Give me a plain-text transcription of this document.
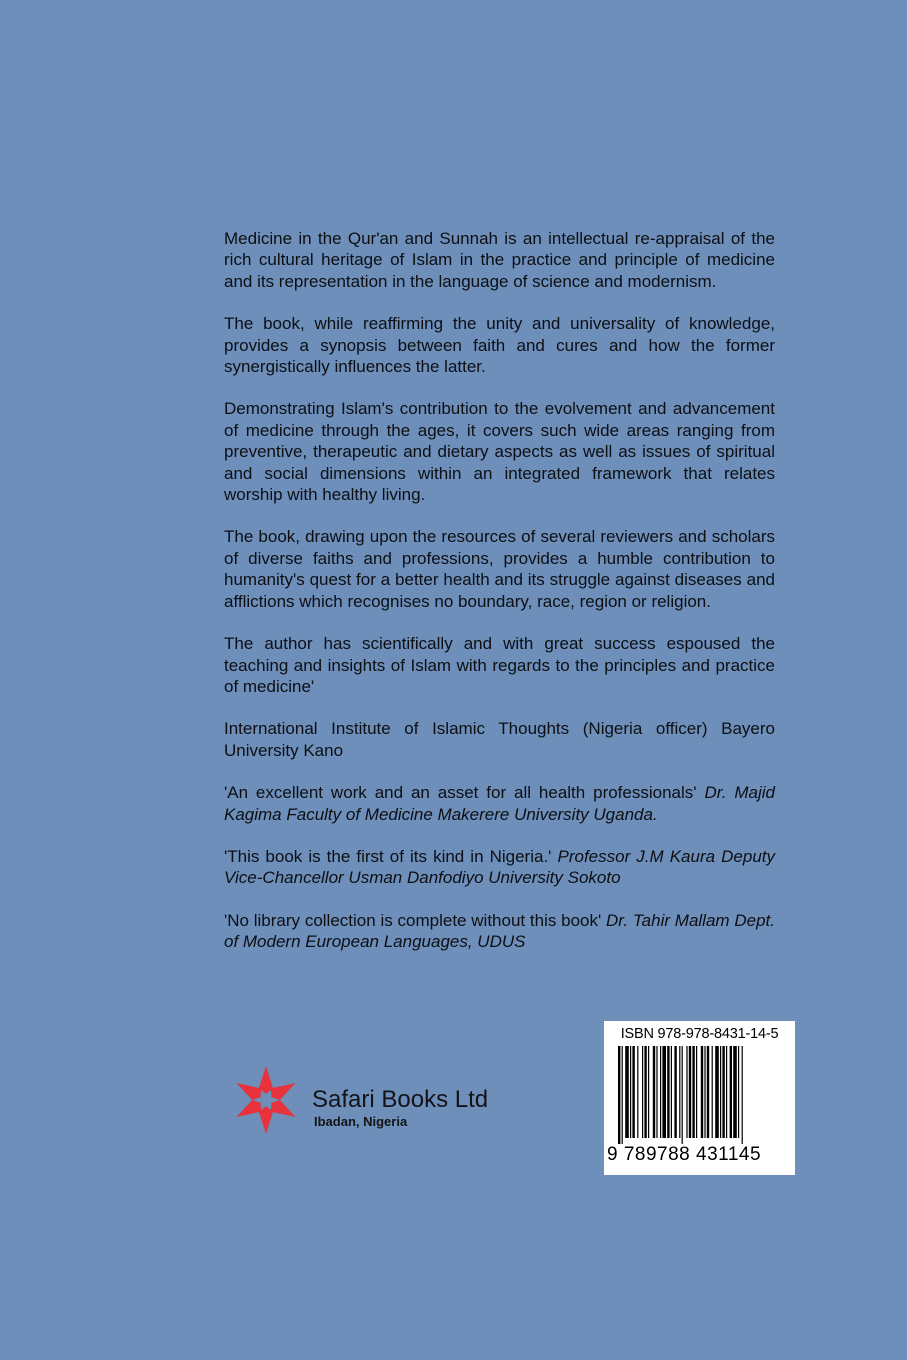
Medicine in the Qur'an and Sunnah is an intellectual re-appraisal of the rich cultural heritage of Islam in the practice and principle of medicine and its representation in the language of science and modernism.

The book, while reaffirming the unity and universality of knowledge, provides a synopsis between faith and cures and how the former synergistically influences the latter.

Demonstrating Islam's contribution to the evolvement and advancement of medicine through the ages, it covers such wide areas ranging from preventive, therapeutic and dietary aspects as well as issues of spiritual and social dimensions within an integrated framework that relates worship with healthy living.

The book, drawing upon the resources of several reviewers and scholars of diverse faiths and professions, provides a humble contribution to humanity's quest for a better health and its struggle against diseases and afflictions which recognises no boundary, race, region or religion.

The author has scientifically and with great success espoused the teaching and insights of Islam with regards to the principles and practice of medicine'

International Institute of Islamic Thoughts (Nigeria officer) Bayero University Kano

'An excellent work and an asset for all health professionals' Dr. Majid Kagima Faculty of Medicine Makerere University Uganda.

'This book is the first of its kind in Nigeria.' Professor J.M Kaura Deputy Vice-Chancellor Usman Danfodiyo University Sokoto

'No library collection is complete without this book' Dr. Tahir Mallam Dept. of Modern European Languages, UDUS

Safari Books Ltd
Ibadan, Nigeria
ISBN 978-978-8431-14-5
9 789788 431145
